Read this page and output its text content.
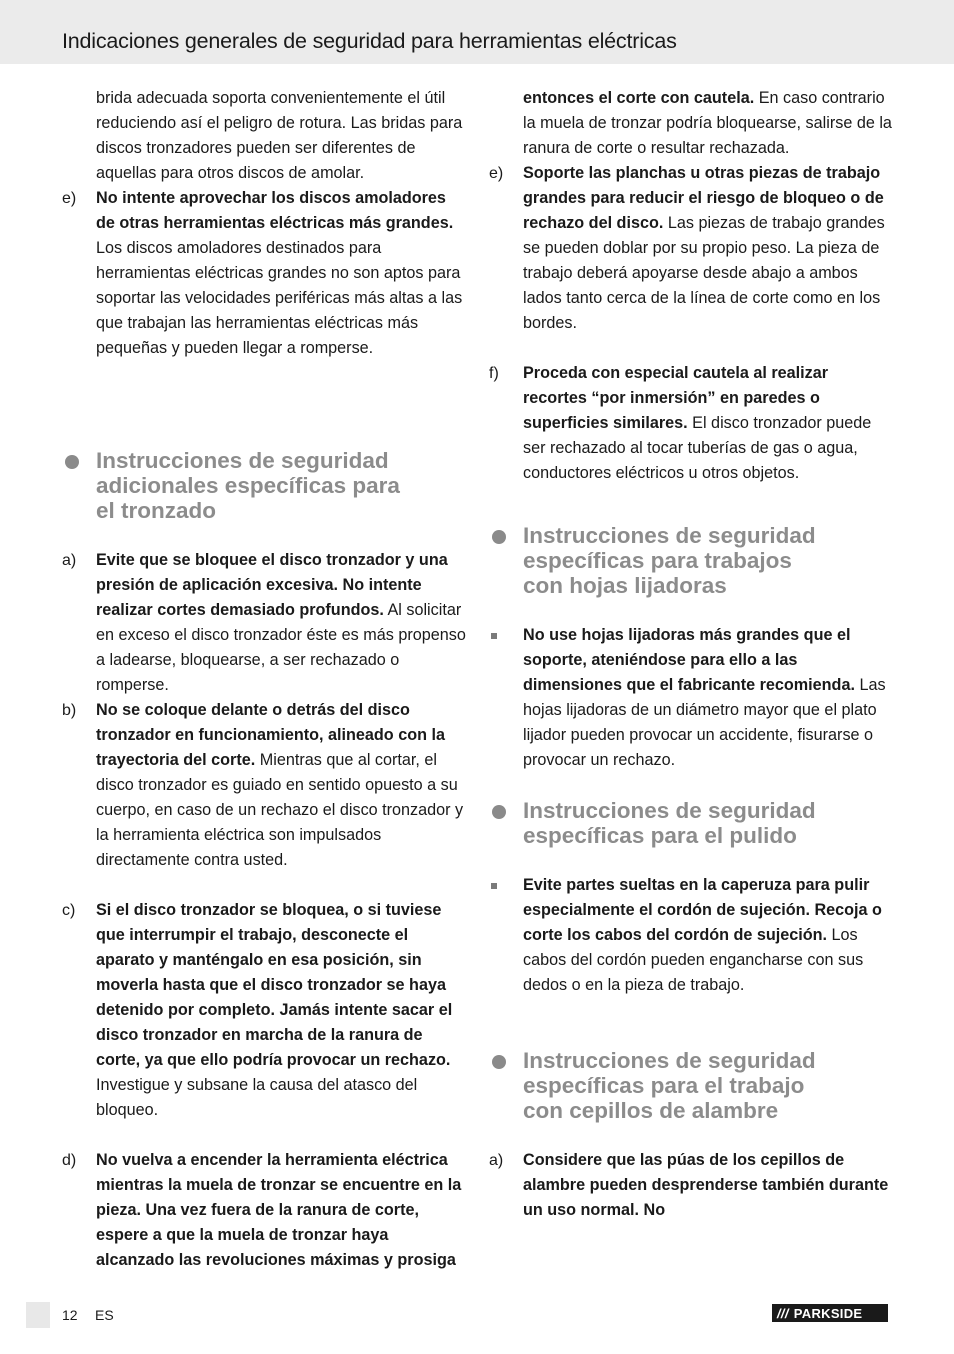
Indicaciones generales de seguridad para herramientas eléctricas
brida adecuada soporta convenientemente el útil reduciendo así el peligro de rotura. Las bridas para discos tronzadores pueden ser diferentes de aquellas para otros discos de amolar.
e) No intente aprovechar los discos amoladores de otras herramientas eléctricas más grandes. Los discos amoladores destinados para herramientas eléctricas grandes no son aptos para soportar las velocidades periféricas más altas a las que trabajan las herramientas eléctricas más pequeñas y pueden llegar a romperse.
Instrucciones de seguridad
adicionales específicas para
el tronzado
a) Evite que se bloquee el disco tronzador y una presión de aplicación excesiva. No intente realizar cortes demasiado profundos. Al solicitar en exceso el disco tronzador éste es más propenso a ladearse, bloquearse, a ser rechazado o romperse.
b) No se coloque delante o detrás del disco tronzador en funcionamiento, alineado con la trayectoria del corte. Mientras que al cortar, el disco tronzador es guiado en sentido opuesto a su cuerpo, en caso de un rechazo el disco tronzador y la herramienta eléctrica son impulsados directamente contra usted.
c) Si el disco tronzador se bloquea, o si tuviese que interrumpir el trabajo, desconecte el aparato y manténgalo en esa posición, sin moverla hasta que el disco tronzador se haya detenido por completo. Jamás intente sacar el disco tronzador en marcha de la ranura de corte, ya que ello podría provocar un rechazo. Investigue y subsane la causa del atasco del bloqueo.
d) No vuelva a encender la herramienta eléctrica mientras la muela de tronzar se encuentre en la pieza. Una vez fuera de la ranura de corte, espere a que la muela de tronzar haya alcanzado las revoluciones máximas y prosiga
entonces el corte con cautela. En caso contrario la muela de tronzar podría bloquearse, salirse de la ranura de corte o resultar rechazada.
e) Soporte las planchas u otras piezas de trabajo grandes para reducir el riesgo de bloqueo o de rechazo del disco. Las piezas de trabajo grandes se pueden doblar por su propio peso. La pieza de trabajo deberá apoyarse desde abajo a ambos lados tanto cerca de la línea de corte como en los bordes.
f) Proceda con especial cautela al realizar recortes “por inmersión” en paredes o superficies similares. El disco tronzador puede ser rechazado al tocar tuberías de gas o agua, conductores eléctricos u otros objetos.
Instrucciones de seguridad
específicas para trabajos
con hojas lijadoras
No use hojas lijadoras más grandes que el soporte, ateniéndose para ello a las dimensiones que el fabricante recomienda. Las hojas lijadoras de un diámetro mayor que el plato lijador pueden provocar un accidente, fisurarse o provocar un rechazo.
Instrucciones de seguridad
específicas para el pulido
Evite partes sueltas en la caperuza para pulir especialmente el cordón de sujeción. Recoja o corte los cabos del cordón de sujeción. Los cabos del cordón pueden engancharse con sus dedos o en la pieza de trabajo.
Instrucciones de seguridad
específicas para el trabajo
con cepillos de alambre
a) Considere que las púas de los cepillos de alambre pueden desprenderse también durante un uso normal. No
12 ES	/// PARKSIDE
